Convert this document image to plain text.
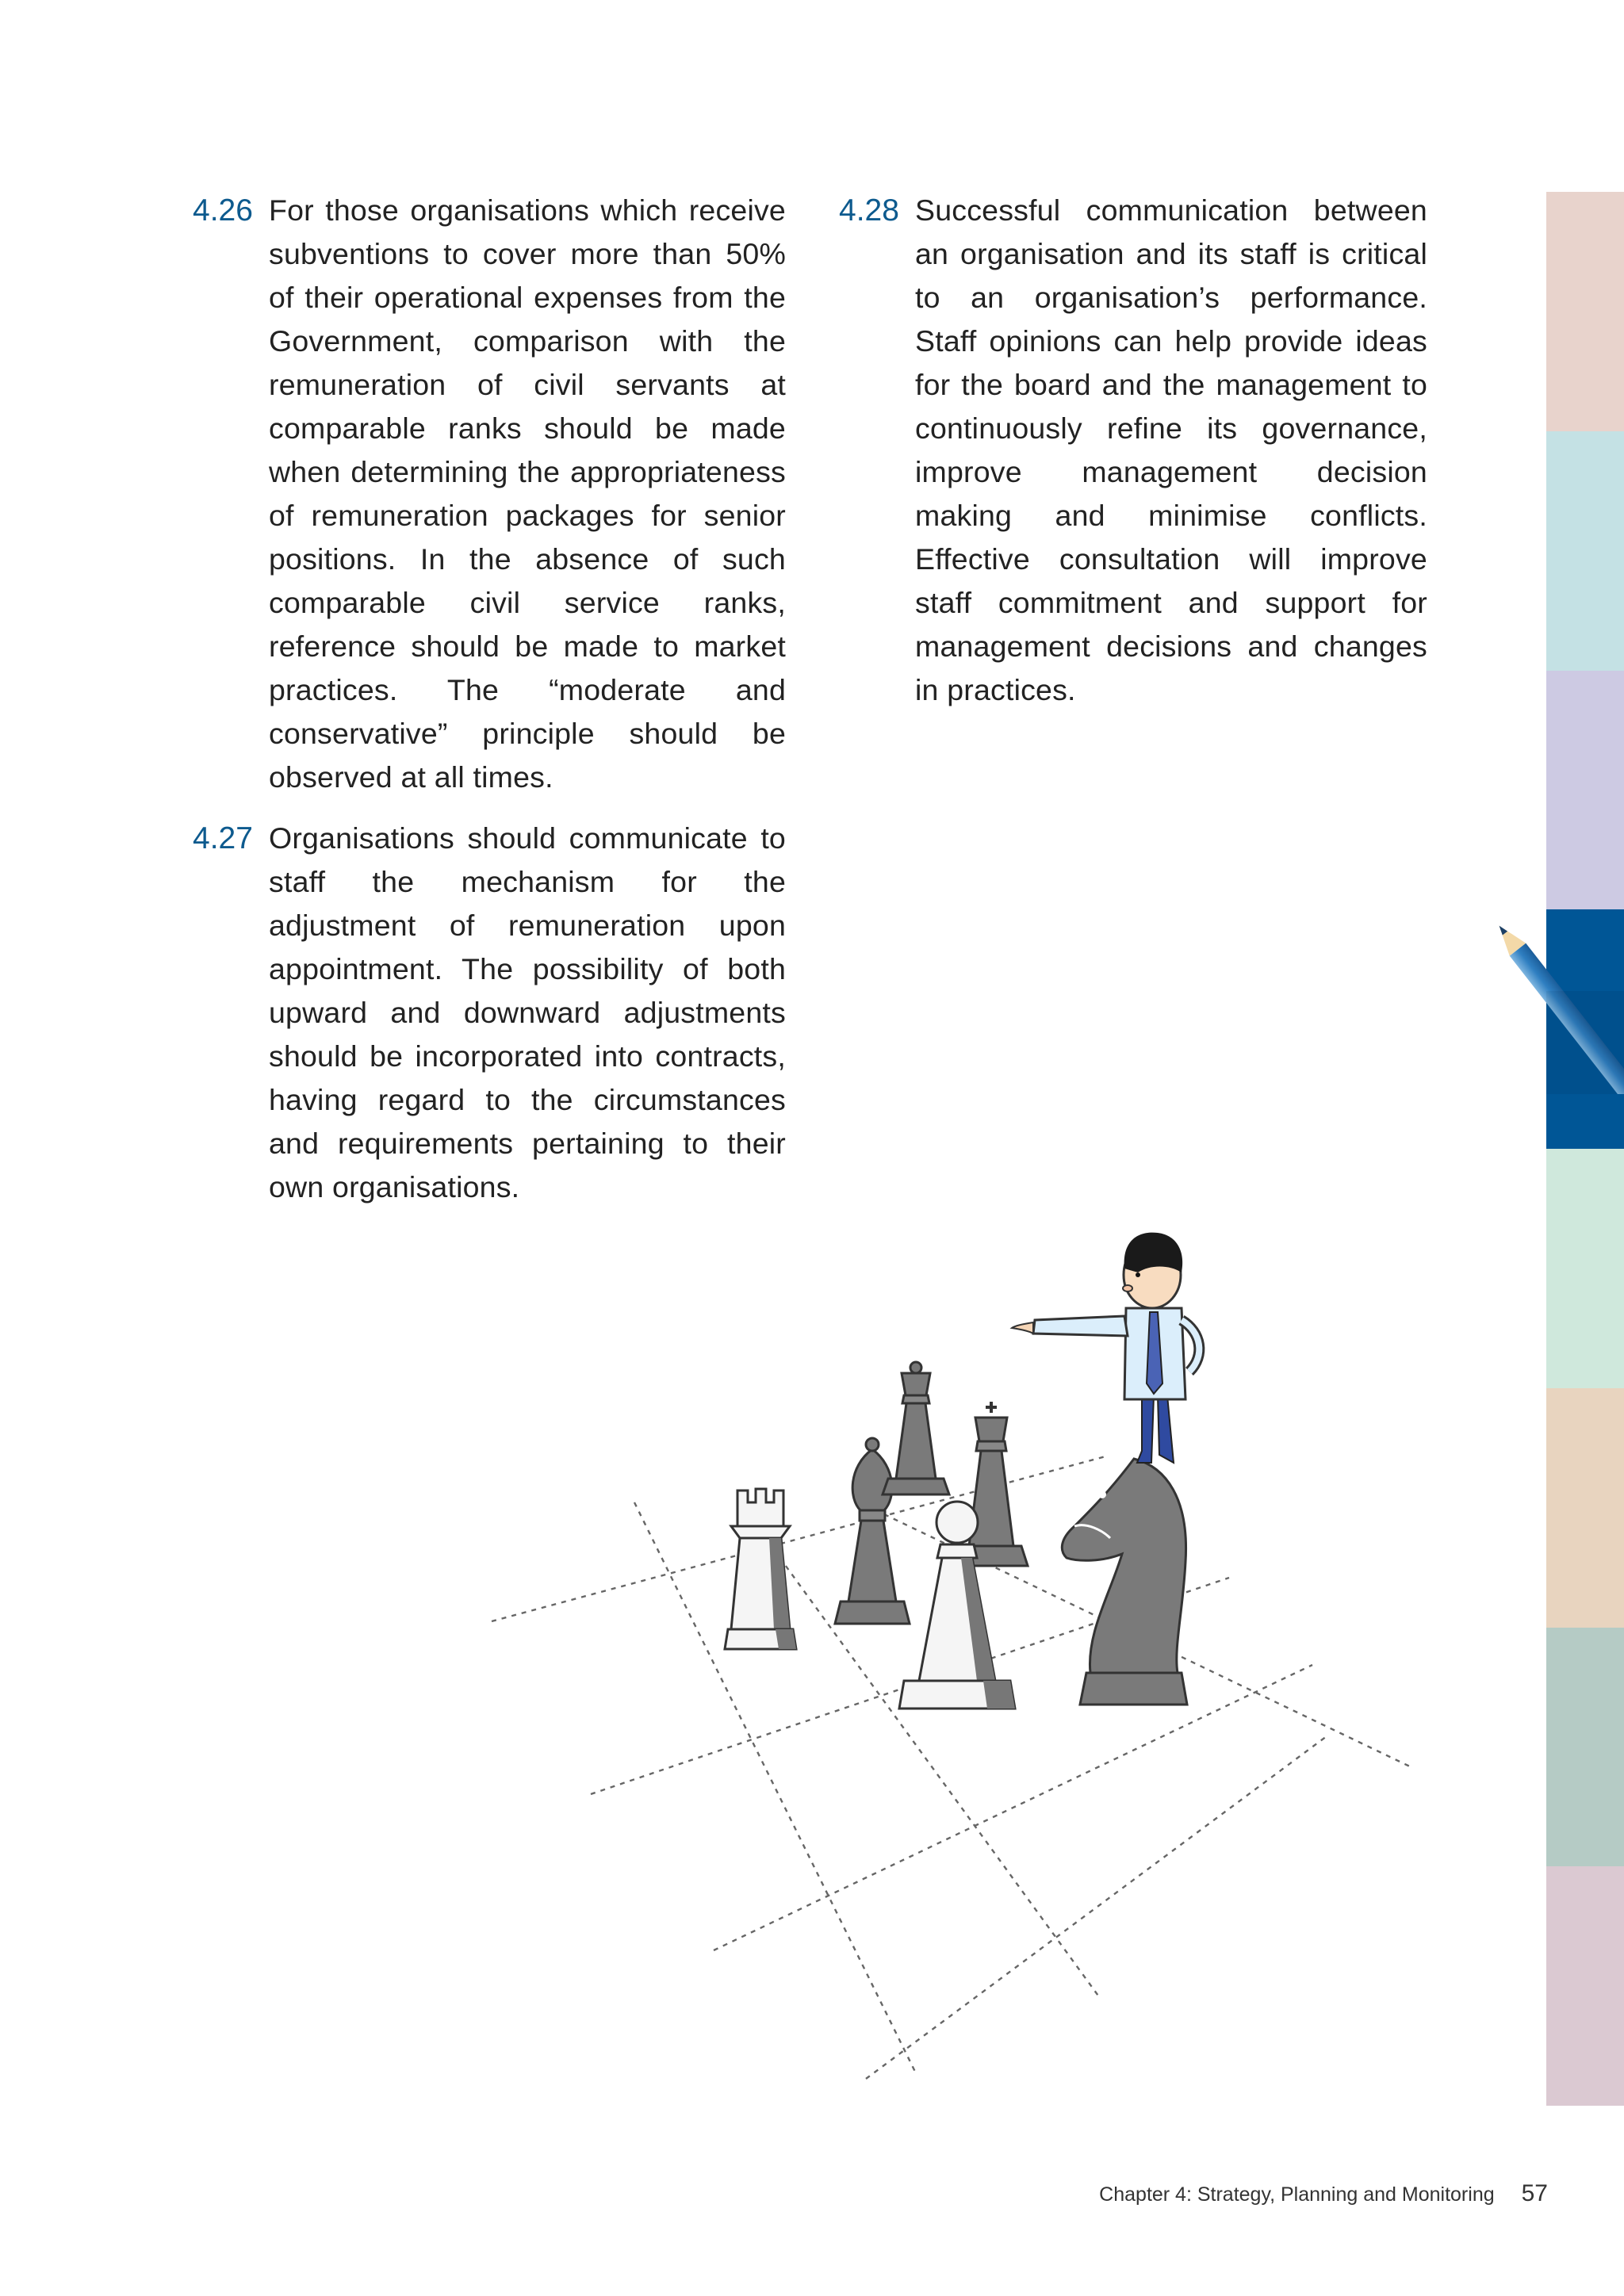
4.26 For those organisations which receive subventions to cover more than 50% of their operational expenses from the Government, comparison with the remuneration of civil servants at comparable ranks should be made when determining the appropriateness of remuneration packages for senior positions. In the absence of such comparable civil service ranks, reference should be made to market practices. The “moderate and conservative” principle should be observed at all times.
4.27 Organisations should communicate to staff the mechanism for the adjustment of remuneration upon appointment. The possibility of both upward and downward adjustments should be incorporated into contracts, having regard to the circumstances and requirements pertaining to their own organisations.
4.28 Successful communication between an organisation and its staff is critical to an organisation’s performance. Staff opinions can help provide ideas for the board and the management to continuously refine its governance, improve management decision making and minimise conflicts. Effective consultation will improve staff commitment and support for management decisions and changes in practices.
Chapter 4: Strategy, Planning and Monitoring 57
